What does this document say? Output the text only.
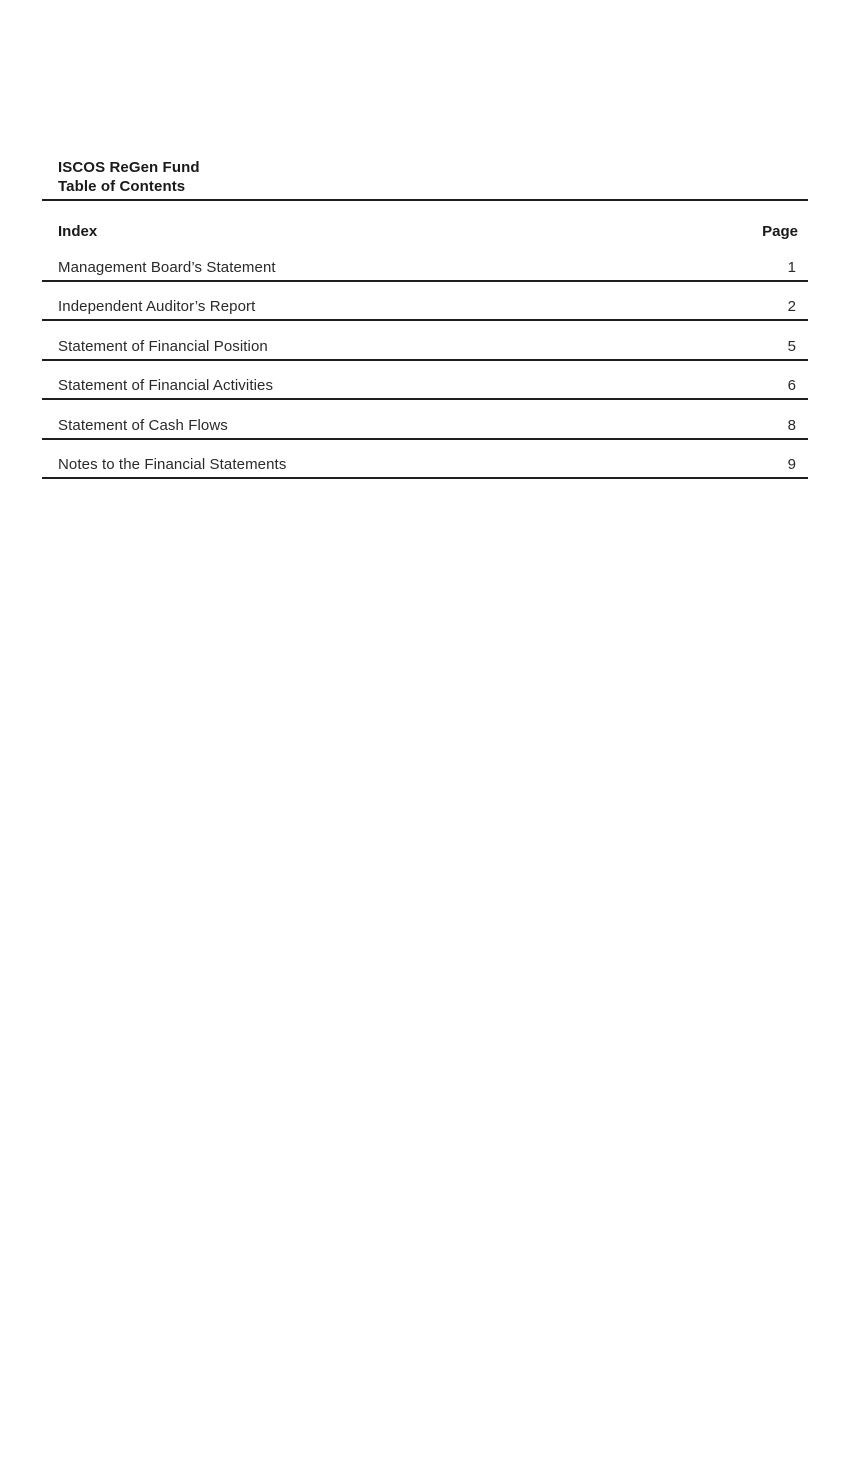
ISCOS ReGen Fund
Table of Contents
Index	Page
Management Board’s Statement	1
Independent Auditor’s Report	2
Statement of Financial Position	5
Statement of Financial Activities	6
Statement of Cash Flows	8
Notes to the Financial Statements	9
